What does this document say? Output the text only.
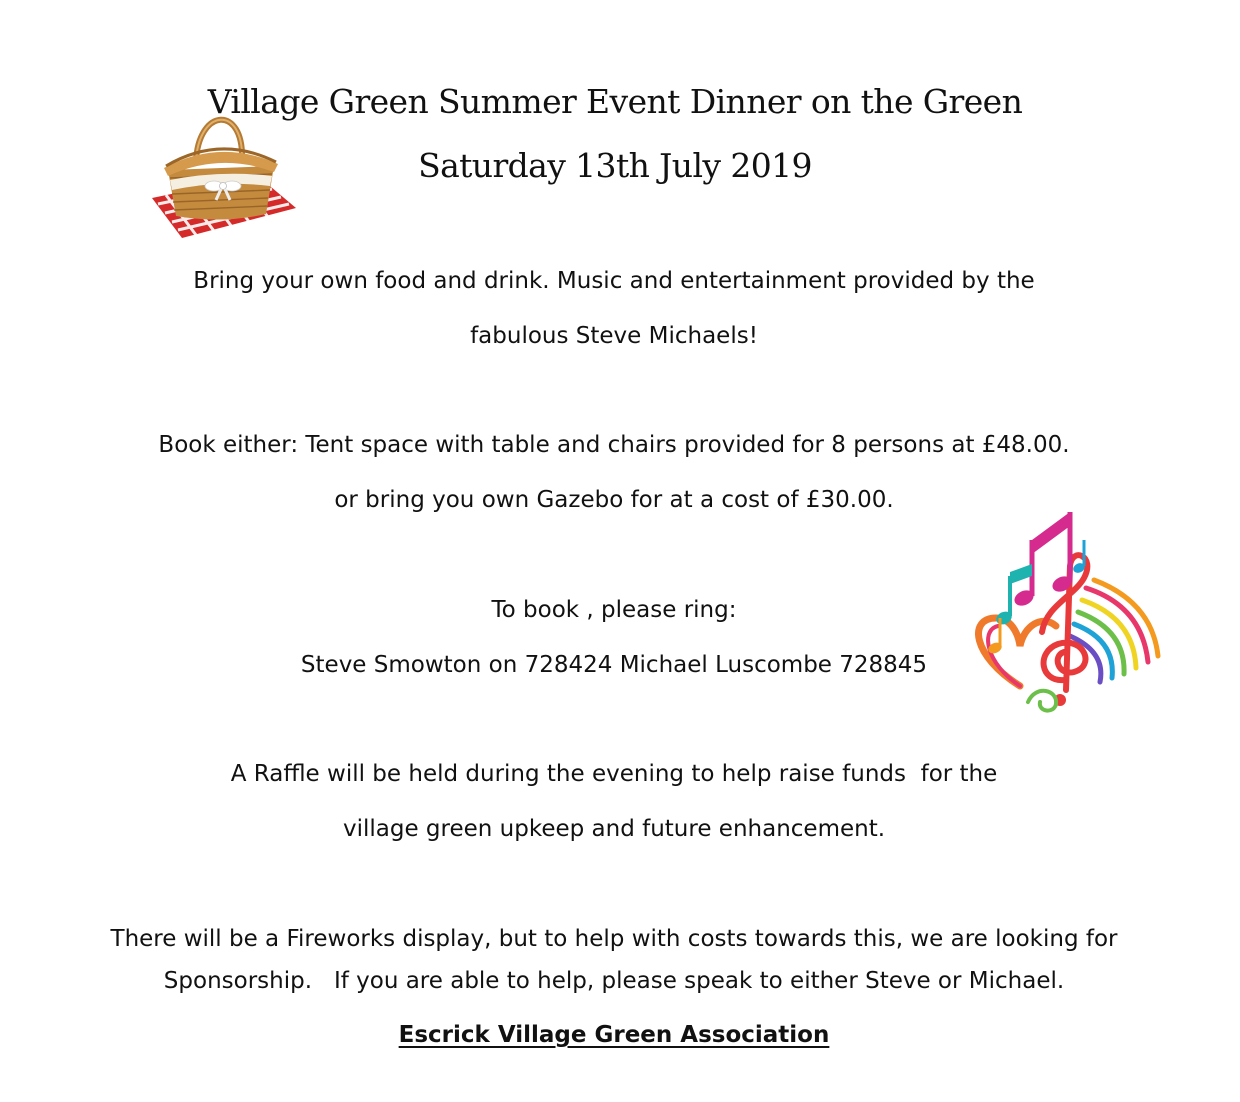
Village Green Summer Event Dinner on the Green
Saturday 13th July 2019

Bring your own food and drink. Music and entertainment provided by the

fabulous Steve Michaels!

Book either: Tent space with table and chairs provided for 8 persons at £48.00.

or bring you own Gazebo for at a cost of £30.00.

To book , please ring:

Steve Smowton on 728424 Michael Luscombe 728845

A Raffle will be held during the evening to help raise funds  for the

village green upkeep and future enhancement.

There will be a Fireworks display, but to help with costs towards this, we are looking for

Sponsorship.   If you are able to help, please speak to either Steve or Michael.

Escrick Village Green Association
